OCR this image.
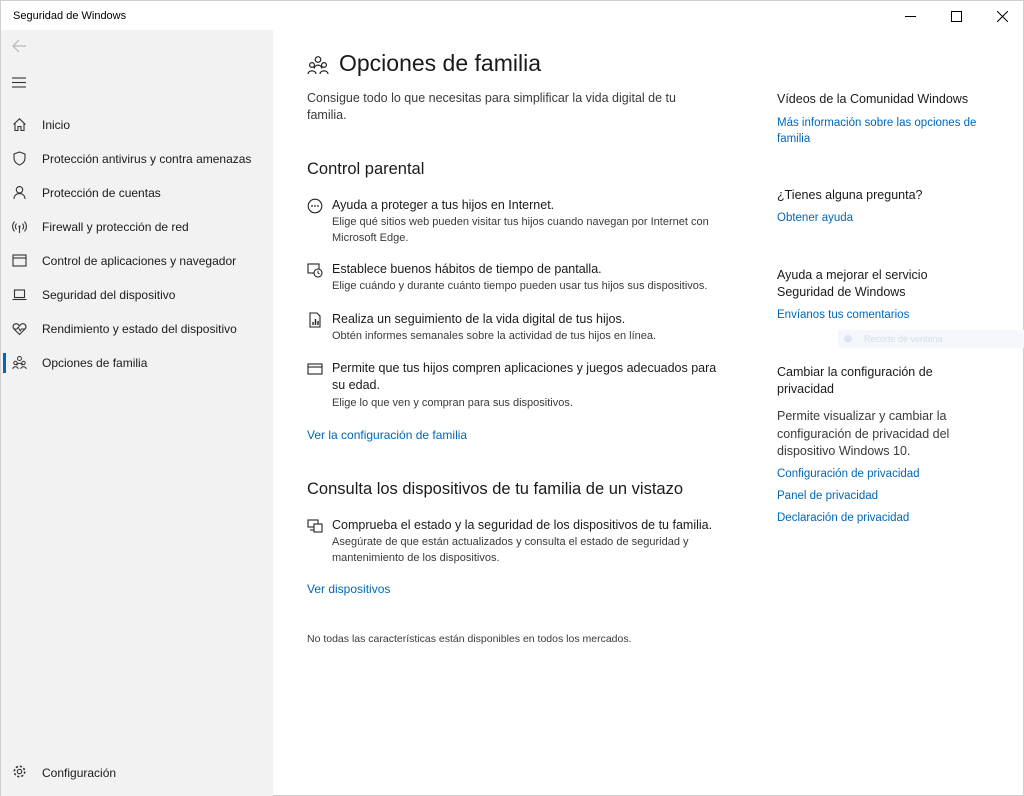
Seguridad de Windows
Inicio
Protección antivirus y contra amenazas
Protección de cuentas
Firewall y protección de red
Control de aplicaciones y navegador
Seguridad del dispositivo
Rendimiento y estado del dispositivo
Opciones de familia
Configuración
Opciones de familia
Consigue todo lo que necesitas para simplificar la vida digital de tu familia.
Control parental
Ayuda a proteger a tus hijos en Internet.
Elige qué sitios web pueden visitar tus hijos cuando navegan por Internet con Microsoft Edge.
Establece buenos hábitos de tiempo de pantalla.
Elige cuándo y durante cuánto tiempo pueden usar tus hijos sus dispositivos.
Realiza un seguimiento de la vida digital de tus hijos.
Obtén informes semanales sobre la actividad de tus hijos en línea.
Permite que tus hijos compren aplicaciones y juegos adecuados para su edad.
Elige lo que ven y compran para sus dispositivos.
Ver la configuración de familia
Consulta los dispositivos de tu familia de un vistazo
Comprueba el estado y la seguridad de los dispositivos de tu familia.
Asegúrate de que están actualizados y consulta el estado de seguridad y mantenimiento de los dispositivos.
Ver dispositivos
No todas las características están disponibles en todos los mercados.
Vídeos de la Comunidad Windows
Más información sobre las opciones de familia
¿Tienes alguna pregunta?
Obtener ayuda
Ayuda a mejorar el servicio Seguridad de Windows
Envíanos tus comentarios
Cambiar la configuración de privacidad
Permite visualizar y cambiar la configuración de privacidad del dispositivo Windows 10.
Configuración de privacidad
Panel de privacidad
Declaración de privacidad
Recorte de ventana
